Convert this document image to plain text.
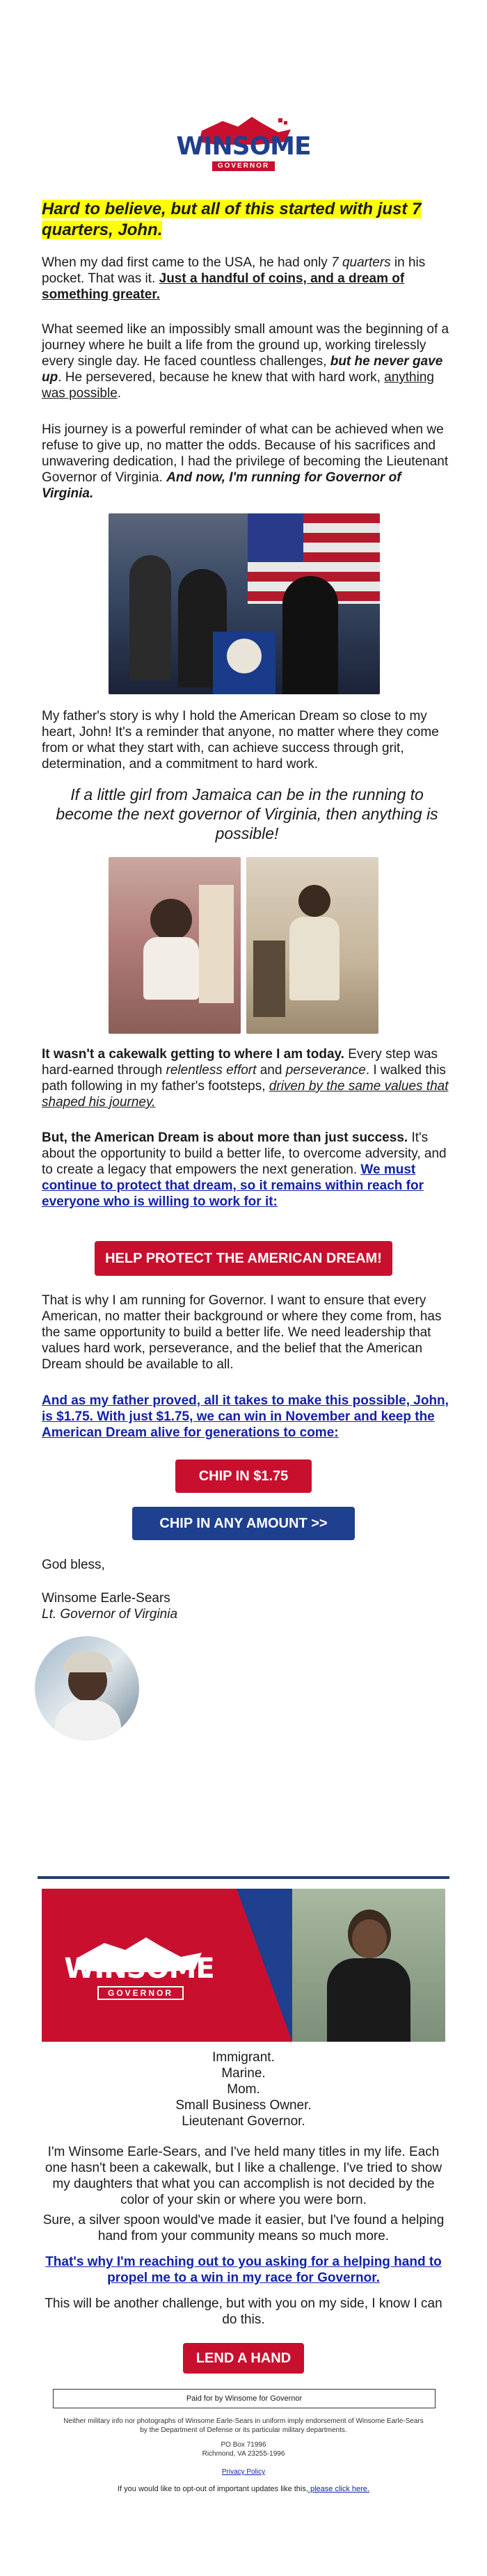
WINSOME
GOVERNOR
Hard to believe, but all of this started with just 7 quarters, John.

When my dad first came to the USA, he had only 7 quarters in his pocket. That was it. Just a handful of coins, and a dream of something greater.

What seemed like an impossibly small amount was the beginning of a journey where he built a life from the ground up, working tirelessly every single day. He faced countless challenges, but he never gave up. He persevered, because he knew that with hard work, anything was possible.

His journey is a powerful reminder of what can be achieved when we refuse to give up, no matter the odds. Because of his sacrifices and unwavering dedication, I had the privilege of becoming the Lieutenant Governor of Virginia. And now, I'm running for Governor of Virginia.

My father's story is why I hold the American Dream so close to my heart, John! It's a reminder that anyone, no matter where they come from or what they start with, can achieve success through grit, determination, and a commitment to hard work.

If a little girl from Jamaica can be in the running to become the next governor of Virginia, then anything is possible!

It wasn't a cakewalk getting to where I am today. Every step was hard-earned through relentless effort and perseverance. I walked this path following in my father's footsteps, driven by the same values that shaped his journey.

But, the American Dream is about more than just success. It's about the opportunity to build a better life, to overcome adversity, and to create a legacy that empowers the next generation. We must continue to protect that dream, so it remains within reach for everyone who is willing to work for it:

HELP PROTECT THE AMERICAN DREAM!

That is why I am running for Governor. I want to ensure that every American, no matter their background or where they come from, has the same opportunity to build a better life. We need leadership that values hard work, perseverance, and the belief that the American Dream should be available to all.

And as my father proved, all it takes to make this possible, John, is $1.75. With just $1.75, we can win in November and keep the American Dream alive for generations to come:

CHIP IN $1.75
CHIP IN ANY AMOUNT >>

God bless,

Winsome Earle-Sears

Lt. Governor of Virginia

WINSOME
GOVERNOR

Immigrant.

Marine.

Mom.

Small Business Owner.

Lieutenant Governor.

I'm Winsome Earle-Sears, and I've held many titles in my life. Each one hasn't been a cakewalk, but I like a challenge. I've tried to show my daughters that what you can accomplish is not decided by the color of your skin or where you were born.

Sure, a silver spoon would've made it easier, but I've found a helping hand from your community means so much more.

That's why I'm reaching out to you asking for a helping hand to propel me to a win in my race for Governor.

This will be another challenge, but with you on my side, I know I can do this.

LEND A HAND
Paid for by Winsome for Governor
Neither military info nor photographs of Winsome Earle-Sears in uniform imply endorsement of Winsome Earle-Sears by the Department of Defense or its particular military departments.
PO Box 71996
Richmond, VA 23255-1996
Privacy Policy
If you would like to opt-out of important updates like this, please click here.
